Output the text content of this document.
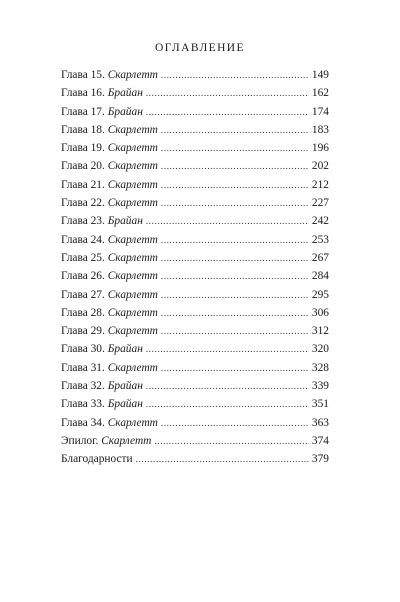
ОГЛАВЛЕНИЕ
Глава 15. Скарлетт . . .	149
Глава 16. Брайан . . .	162
Глава 17. Брайан . . .	174
Глава 18. Скарлетт . . .	183
Глава 19. Скарлетт . . .	196
Глава 20. Скарлетт . . .	202
Глава 21. Скарлетт . . .	212
Глава 22. Скарлетт . . .	227
Глава 23. Брайан . . .	242
Глава 24. Скарлетт . . .	253
Глава 25. Скарлетт . . .	267
Глава 26. Скарлетт . . .	284
Глава 27. Скарлетт . . .	295
Глава 28. Скарлетт . . .	306
Глава 29. Скарлетт . . .	312
Глава 30. Брайан . . .	320
Глава 31. Скарлетт . . .	328
Глава 32. Брайан . . .	339
Глава 33. Брайан . . .	351
Глава 34. Скарлетт . . .	363
Эпилог. Скарлетт . . .	374
Благодарности . . .	379
